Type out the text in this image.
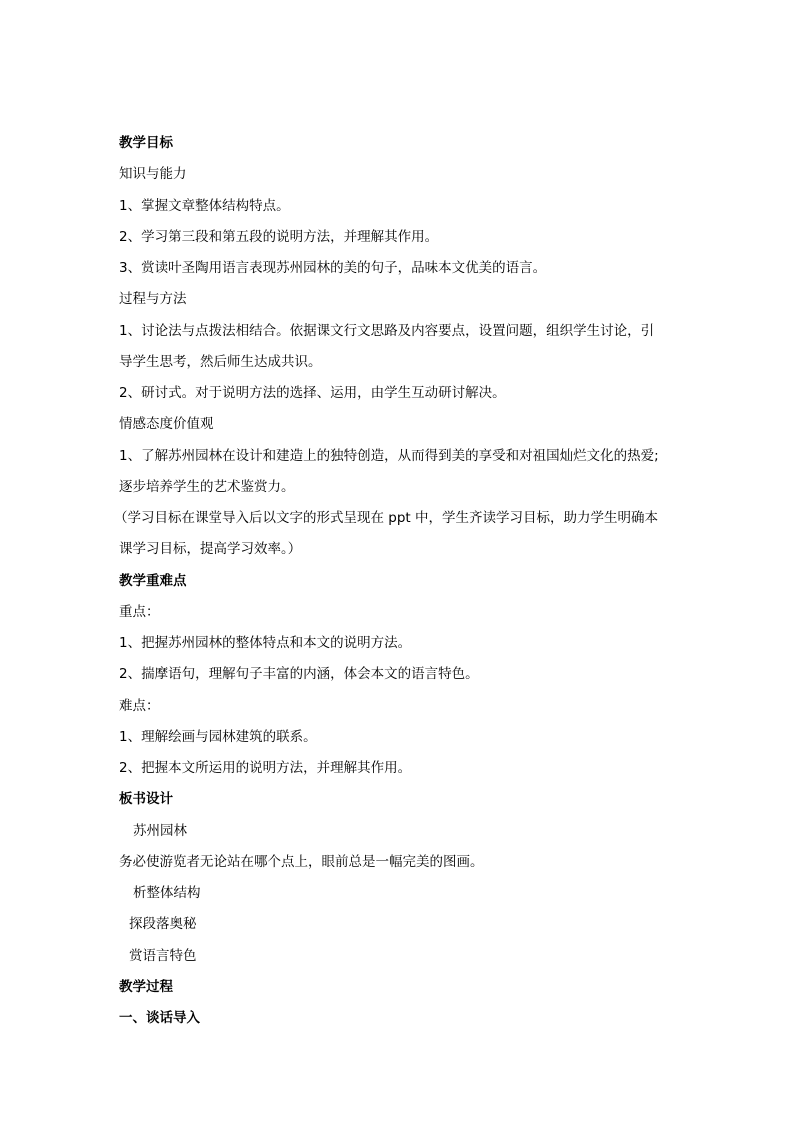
教学目标

知识与能力

1、掌握文章整体结构特点。

2、学习第三段和第五段的说明方法，并理解其作用。

3、赏读叶圣陶用语言表现苏州园林的美的句子，品味本文优美的语言。

过程与方法

1、讨论法与点拨法相结合。依据课文行文思路及内容要点，设置问题，组织学生讨论，引

导学生思考，然后师生达成共识。

2、研讨式。对于说明方法的选择、运用，由学生互动研讨解决。

情感态度价值观

1、了解苏州园林在设计和建造上的独特创造，从而得到美的享受和对祖国灿烂文化的热爱;

逐步培养学生的艺术鉴赏力。

（学习目标在课堂导入后以文字的形式呈现在 ppt 中，学生齐读学习目标，助力学生明确本

课学习目标，提高学习效率。）

教学重难点

重点：

1、把握苏州园林的整体特点和本文的说明方法。

2、揣摩语句，理解句子丰富的内涵，体会本文的语言特色。

难点：

1、理解绘画与园林建筑的联系。

2、把握本文所运用的说明方法，并理解其作用。

板书设计

苏州园林

务必使游览者无论站在哪个点上，眼前总是一幅完美的图画。

析整体结构

探段落奥秘

赏语言特色

教学过程

一、谈话导入
